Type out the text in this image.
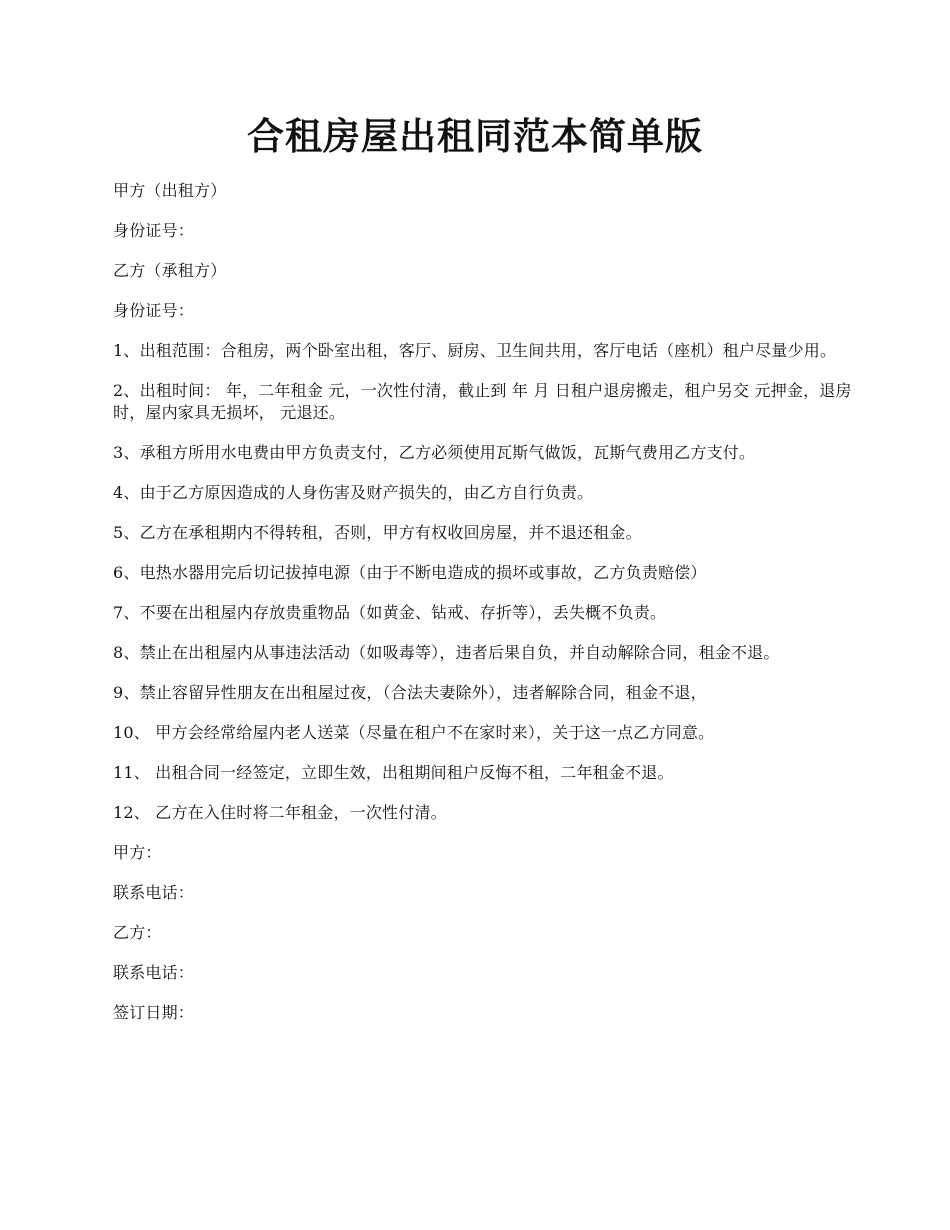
合租房屋出租同范本简单版

甲方（出租方）

身份证号：

乙方（承租方）

身份证号：

1、出租范围：合租房，两个卧室出租，客厅、厨房、卫生间共用，客厅电话（座机）租户尽量少用。

2、出租时间： 年，二年租金 元，一次性付清，截止到 年 月 日租户退房搬走，租户另交 元押金，退房时，屋内家具无损坏， 元退还。

3、承租方所用水电费由甲方负责支付，乙方必须使用瓦斯气做饭，瓦斯气费用乙方支付。

4、由于乙方原因造成的人身伤害及财产损失的，由乙方自行负责。

5、乙方在承租期内不得转租，否则，甲方有权收回房屋，并不退还租金。

6、电热水器用完后切记拔掉电源（由于不断电造成的损坏或事故，乙方负责赔偿）

7、不要在出租屋内存放贵重物品（如黄金、钻戒、存折等），丢失概不负责。

8、禁止在出租屋内从事违法活动（如吸毒等），违者后果自负，并自动解除合同，租金不退。

9、禁止容留异性朋友在出租屋过夜，（合法夫妻除外），违者解除合同，租金不退，

10、 甲方会经常给屋内老人送菜（尽量在租户不在家时来），关于这一点乙方同意。

11、 出租合同一经签定，立即生效，出租期间租户反悔不租，二年租金不退。

12、 乙方在入住时将二年租金，一次性付清。

甲方：

联系电话：

乙方：

联系电话：

签订日期：
